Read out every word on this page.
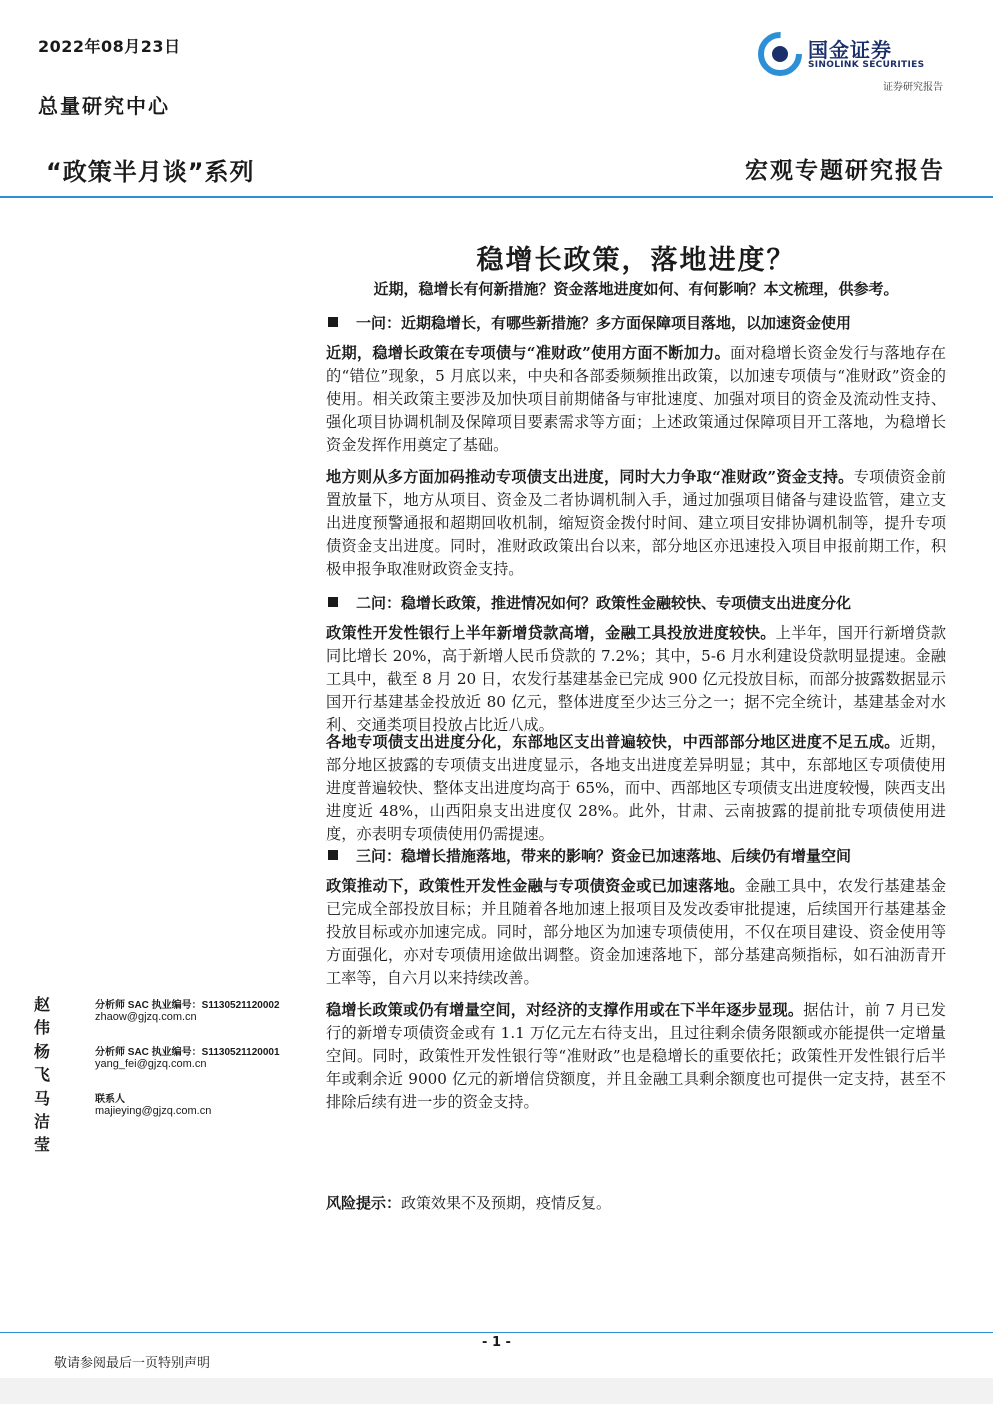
2022年08月23日
总量研究中心
“政策半月谈”系列	宏观专题研究报告
国金证券
SINOLINK SECURITIES
证券研究报告
稳增长政策，落地进度？
近期，稳增长有何新措施？资金落地进度如何、有何影响？本文梳理，供参考。
一问：近期稳增长，有哪些新措施？多方面保障项目落地，以加速资金使用
近期，稳增长政策在专项债与“准财政”使用方面不断加力。面对稳增长资金发行与落地存在的“错位”现象，5 月底以来，中央和各部委频频推出政策，以加速专项债与“准财政”资金的使用。相关政策主要涉及加快项目前期储备与审批速度、加强对项目的资金及流动性支持、强化项目协调机制及保障项目要素需求等方面；上述政策通过保障项目开工落地，为稳增长资金发挥作用奠定了基础。
地方则从多方面加码推动专项债支出进度，同时大力争取“准财政”资金支持。专项债资金前置放量下，地方从项目、资金及二者协调机制入手，通过加强项目储备与建设监管，建立支出进度预警通报和超期回收机制，缩短资金拨付时间、建立项目安排协调机制等，提升专项债资金支出进度。同时，准财政政策出台以来，部分地区亦迅速投入项目申报前期工作，积极申报争取准财政资金支持。
二问：稳增长政策，推进情况如何？政策性金融较快、专项债支出进度分化
政策性开发性银行上半年新增贷款高增，金融工具投放进度较快。上半年，国开行新增贷款同比增长 20%，高于新增人民币贷款的 7.2%；其中，5-6 月水利建设贷款明显提速。金融工具中，截至 8 月 20 日，农发行基建基金已完成 900 亿元投放目标，而部分披露数据显示国开行基建基金投放近 80 亿元，整体进度至少达三分之一；据不完全统计，基建基金对水利、交通类项目投放占比近八成。
各地专项债支出进度分化，东部地区支出普遍较快，中西部部分地区进度不足五成。近期，部分地区披露的专项债支出进度显示，各地支出进度差异明显；其中，东部地区专项债使用进度普遍较快、整体支出进度均高于 65%，而中、西部地区专项债支出进度较慢，陕西支出进度近 48%，山西阳泉支出进度仅 28%。此外，甘肃、云南披露的提前批专项债使用进度，亦表明专项债使用仍需提速。
三问：稳增长措施落地，带来的影响？资金已加速落地、后续仍有增量空间
政策推动下，政策性开发性金融与专项债资金或已加速落地。金融工具中，农发行基建基金已完成全部投放目标；并且随着各地加速上报项目及发改委审批提速，后续国开行基建基金投放目标或亦加速完成。同时，部分地区为加速专项债使用，不仅在项目建设、资金使用等方面强化，亦对专项债用途做出调整。资金加速落地下，部分基建高频指标，如石油沥青开工率等，自六月以来持续改善。
稳增长政策或仍有增量空间，对经济的支撑作用或在下半年逐步显现。据估计，前 7 月已发行的新增专项债资金或有 1.1 万亿元左右待支出，且过往剩余债务限额或亦能提供一定增量空间。同时，政策性开发性银行等“准财政”也是稳增长的重要依托；政策性开发性银行后半年或剩余近 9000 亿元的新增信贷额度，并且金融工具剩余额度也可提供一定支持，甚至不排除后续有进一步的资金支持。
赵伟
分析师 SAC 执业编号：S1130521120002
zhaow@gjzq.com.cn
杨飞
分析师 SAC 执业编号：S1130521120001
yang_fei@gjzq.com.cn
马洁莹
联系人
majieying@gjzq.com.cn
风险提示：政策效果不及预期，疫情反复。
- 1 -
敬请参阅最后一页特别声明
